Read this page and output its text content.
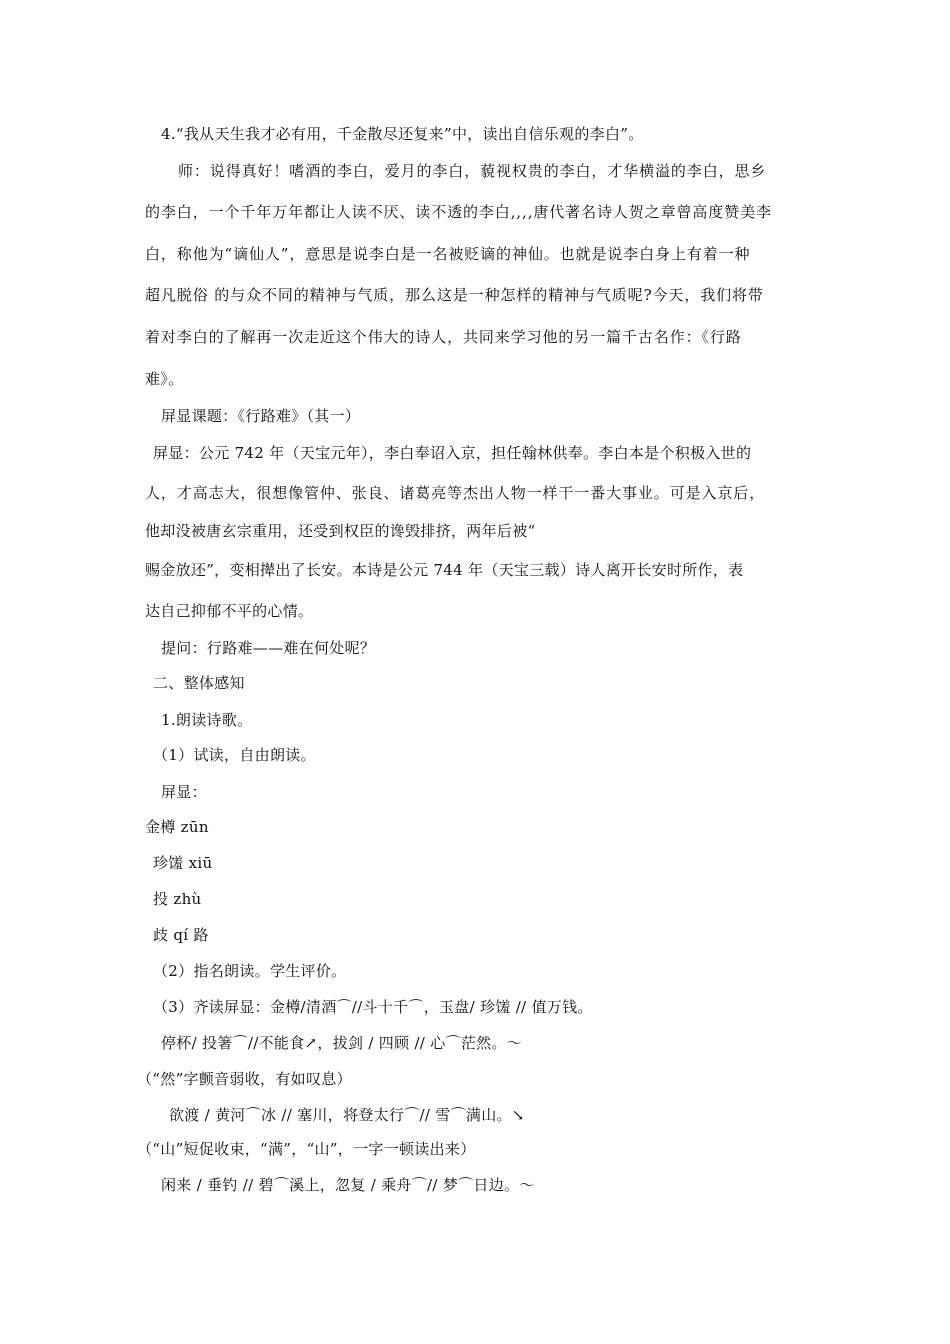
4.“我从天生我才必有用，千金散尽还复来”中，读出自信乐观的李白”。
师：说得真好！嗜酒的李白，爱月的李白，藐视权贵的李白，才华横溢的李白，思乡
的李白，一个千年万年都让人读不厌、读不透的李白,,,,唐代著名诗人贺之章曾高度赞美李
白，称他为“谪仙人”，意思是说李白是一名被贬谪的神仙。也就是说李白身上有着一种
超凡脱俗 的与众不同的精神与气质，那么这是一种怎样的精神与气质呢?今天，我们将带
着对李白的了解再一次走近这个伟大的诗人，共同来学习他的另一篇千古名作：《行路
难》。
屏显课题：《行路难》（其一）
屏显：公元 742 年（天宝元年），李白奉诏入京，担任翰林供奉。李白本是个积极入世的
人，才高志大，很想像管仲、张良、诸葛亮等杰出人物一样干一番大事业。可是入京后，
他却没被唐玄宗重用，还受到权臣的谗毁排挤，两年后被“
赐金放还”，变相撵出了长安。本诗是公元 744 年（天宝三载）诗人离开长安时所作，表
达自己抑郁不平的心情。
提问：行路难——难在何处呢？
二、整体感知
1.朗读诗歌。
（1）试读，自由朗读。
屏显：
金樽 zūn
珍馐 xiū
投 zhù
歧 qí 路
（2）指名朗读。学生评价。
（3）齐读屏显：金樽/清酒⌒//斗十千⌒，玉盘/ 珍馐 // 值万钱。
停杯/ 投箸⌒//不能食↗，拔剑 / 四顾 // 心⌒茫然。～
（“然”字颤音弱收，有如叹息）
欲渡 / 黄河⌒冰 // 塞川，将登太行⌒// 雪⌒满山。↘
（“山”短促收束，“满”，“山”，一字一顿读出来）
闲来 / 垂钓 // 碧⌒溪上，忽复 / 乘舟⌒// 梦⌒日边。～
